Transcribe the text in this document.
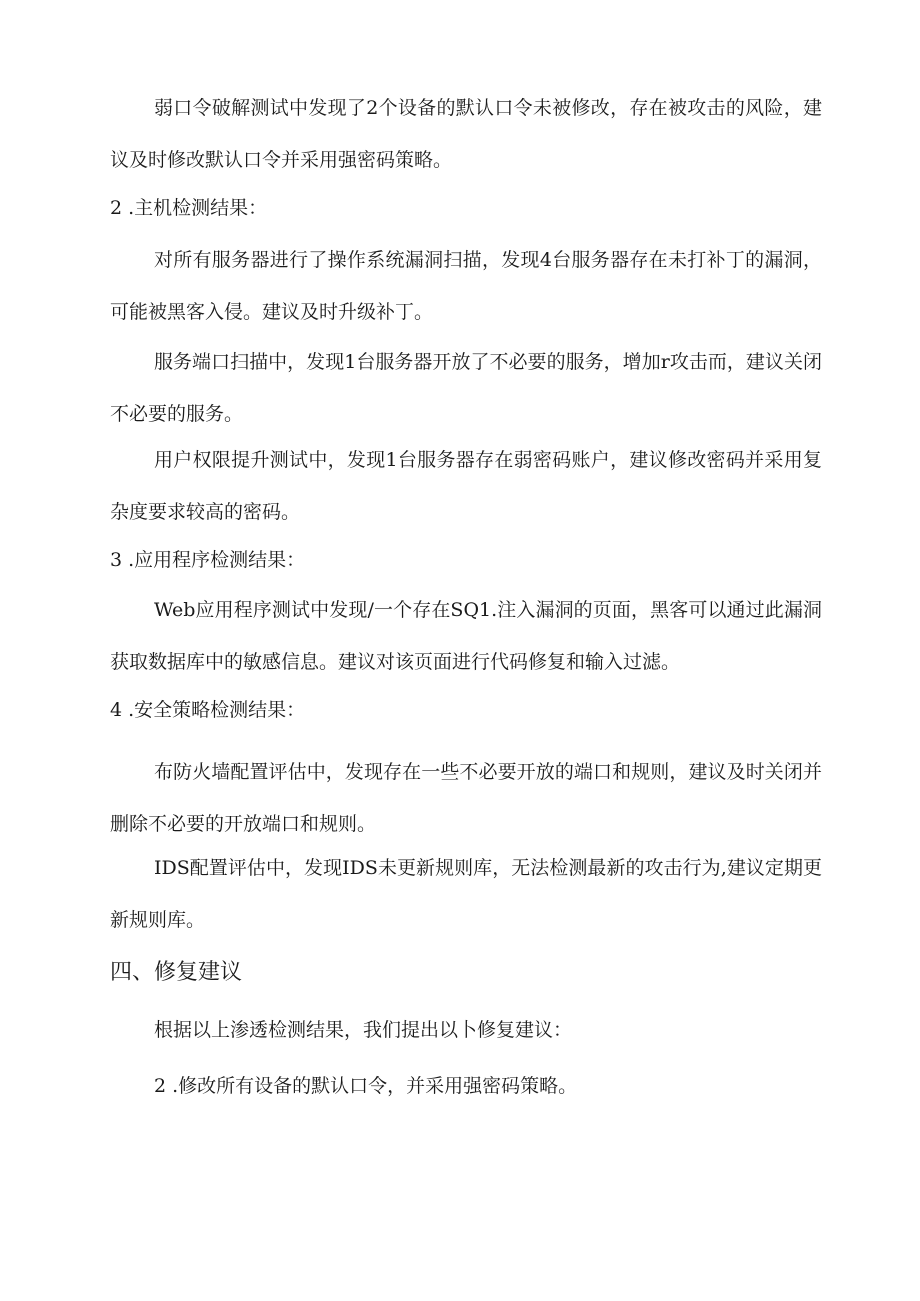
弱口令破解测试中发现了2个设备的默认口令未被修改，存在被攻击的风险，建议及时修改默认口令并采用强密码策略。

2 .主机检测结果：

对所有服务器进行了操作系统漏洞扫描，发现4台服务器存在未打补丁的漏洞，可能被黑客入侵。建议及时升级补丁。

服务端口扫描中，发现1台服务器开放了不必要的服务，增加r攻击而，建议关闭不必要的服务。

用户权限提升测试中，发现1台服务器存在弱密码账户，建议修改密码并采用复杂度要求较高的密码。

3 .应用程序检测结果：

Web应用程序测试中发现/一个存在SQ1.注入漏洞的页面，黑客可以通过此漏洞获取数据库中的敏感信息。建议对该页面进行代码修复和输入过滤。

4 .安全策略检测结果：

布防火墙配置评估中，发现存在一些不必要开放的端口和规则，建议及时关闭并删除不必要的开放端口和规则。

IDS配置评估中，发现IDS未更新规则库，无法检测最新的攻击行为,建议定期更新规则库。

四、修复建议

根据以上渗透检测结果，我们提出以卜修复建议：

2 .修改所有设备的默认口令，并采用强密码策略。
